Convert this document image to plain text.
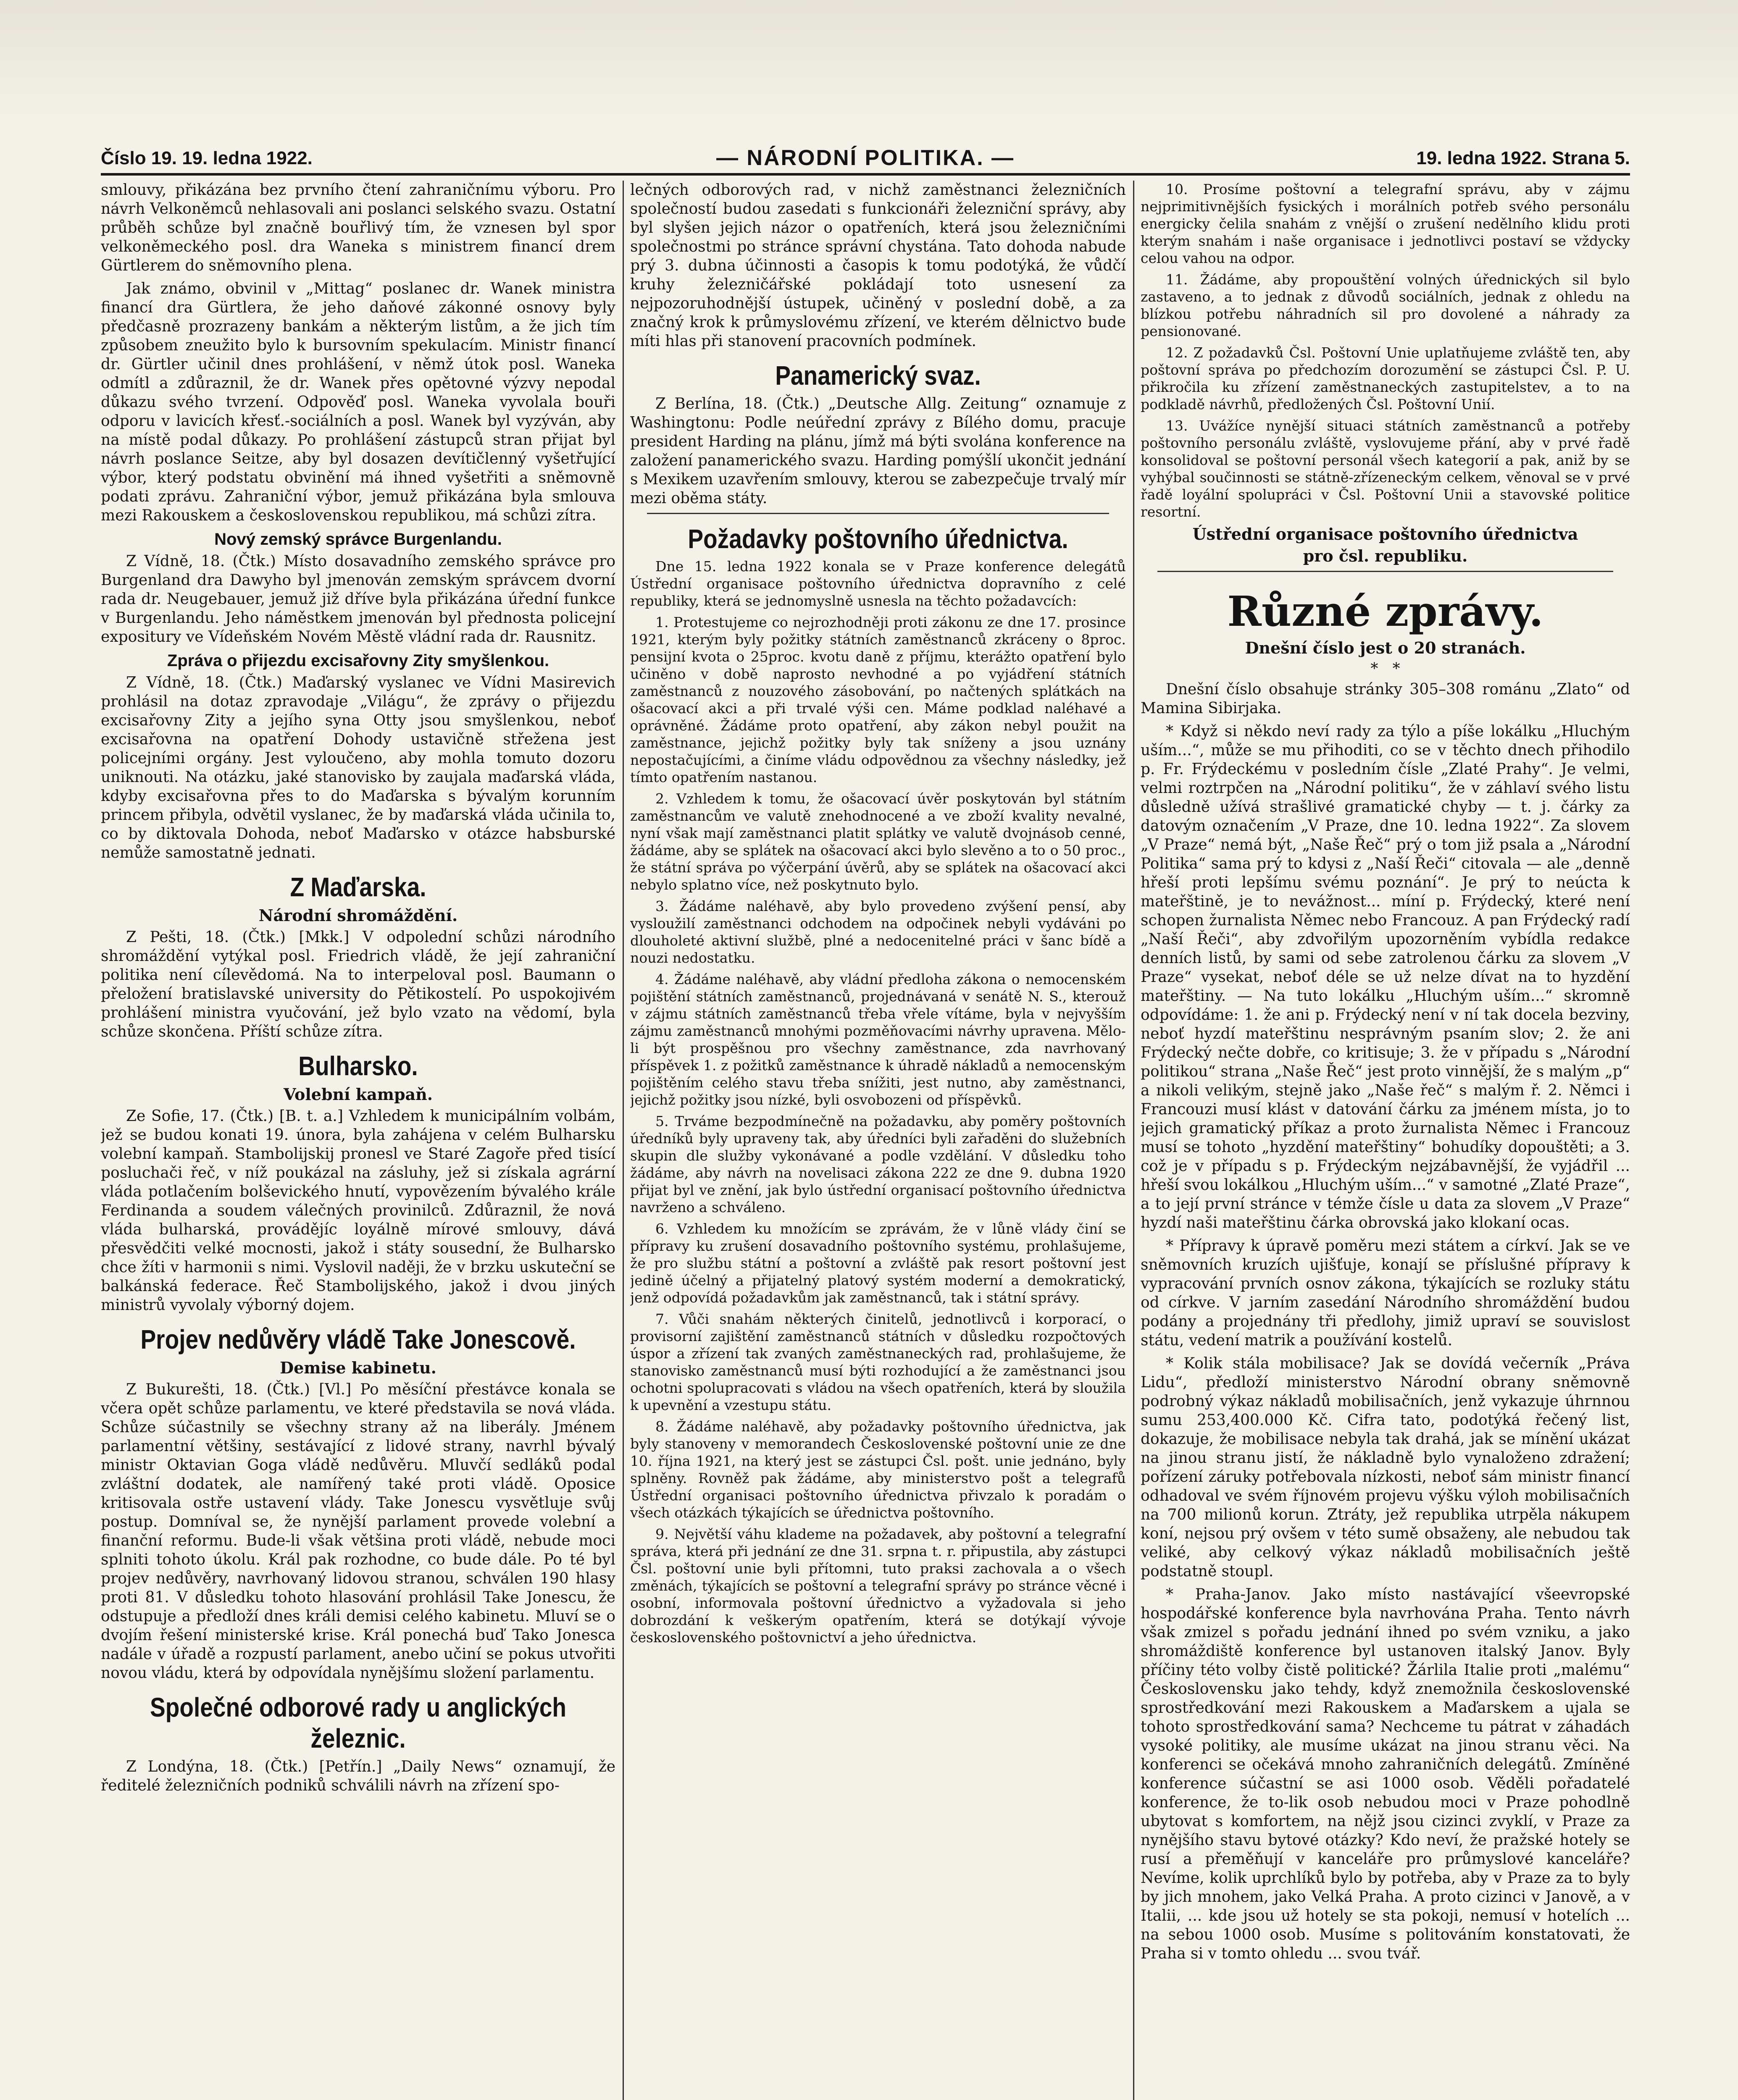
Číslo 19. 19. ledna 1922.	— NÁRODNÍ POLITIKA. —	19. ledna 1922. Strana 5.

smlouvy, přikázána bez prvního čtení zahraničnímu výboru. Pro návrh Velkoněmců nehlasovali ani poslanci selského svazu. Ostatní průběh schůze byl značně bouřlivý tím, že vznesen byl spor velkoněmeckého posl. dra Waneka s ministrem financí drem Gürtlerem do sněmovního plena.

Jak známo, obvinil v „Mittag“ poslanec dr. Wanek ministra financí dra Gürtlera, že jeho daňové zákonné osnovy byly předčasně prozrazeny bankám a některým listům, a že jich tím způsobem zneužito bylo k bursovním spekulacím. Ministr financí dr. Gürtler učinil dnes prohlášení, v němž útok posl. Waneka odmítl a zdůraznil, že dr. Wanek přes opětovné výzvy nepodal důkazu svého tvrzení. Odpověď posl. Waneka vyvolala bouři odporu v lavicích křesť.-sociálních a posl. Wanek byl vyzýván, aby na místě podal důkazy. Po prohlášení zástupců stran přijat byl návrh poslance Seitze, aby byl dosazen devítičlenný vyšetřující výbor, který podstatu obvinění má ihned vyšetřiti a sněmovně podati zprávu. Zahraniční výbor, jemuž přikázána byla smlouva mezi Rakouskem a československou republikou, má schůzi zítra.

Nový zemský správce Burgenlandu.

Z Vídně, 18. (Čtk.) Místo dosavadního zemského správce pro Burgenland dra Dawyho byl jmenován zemským správcem dvorní rada dr. Neugebauer, jemuž již dříve byla přikázána úřední funkce v Burgenlandu. Jeho náměstkem jmenován byl přednosta policejní expositury ve Vídeňském Novém Městě vládní rada dr. Rausnitz.

Zpráva o přijezdu excisařovny Zity smyšlenkou.

Z Vídně, 18. (Čtk.) Maďarský vyslanec ve Vídni Masirevich prohlásil na dotaz zpravodaje „Világu“, že zprávy o přijezdu excisařovny Zity a jejího syna Otty jsou smyšlenkou, neboť excisařovna na opatření Dohody ustavičně střežena jest policejními orgány. Jest vyloučeno, aby mohla tomuto dozoru uniknouti. Na otázku, jaké stanovisko by zaujala maďarská vláda, kdyby excisařovna přes to do Maďarska s bývalým korunním princem přibyla, odvětil vyslanec, že by maďarská vláda učinila to, co by diktovala Dohoda, neboť Maďarsko v otázce habsburské nemůže samostatně jednati.

Z Maďarska.
Národní shromáždění.

Z Pešti, 18. (Čtk.) [Mkk.] V odpolední schůzi národního shromáždění vytýkal posl. Friedrich vládě, že její zahraniční politika není cílevědomá. Na to interpeloval posl. Baumann o přeložení bratislavské university do Pětikostelí. Po uspokojivém prohlášení ministra vyučování, jež bylo vzato na vědomí, byla schůze skončena. Příští schůze zítra.

Bulharsko.
Volební kampaň.

Ze Sofie, 17. (Čtk.) [B. t. a.] Vzhledem k municipálním volbám, jež se budou konati 19. února, byla zahájena v celém Bulharsku volební kampaň. Stambolijskij pronesl ve Staré Zagoře před tisící posluchači řeč, v níž poukázal na zásluhy, jež si získala agrární vláda potlačením bolševického hnutí, vypovězením bývalého krále Ferdinanda a soudem válečných provinilců. Zdůraznil, že nová vláda bulharská, provádějíc loyálně mírové smlouvy, dává přesvědčiti velké mocnosti, jakož i státy sousední, že Bulharsko chce žíti v harmonii s nimi. Vyslovil naději, že v brzku uskuteční se balkánská federace. Řeč Stambolijského, jakož i dvou jiných ministrů vyvolaly výborný dojem.

Projev nedůvěry vládě Take Jonescově.
Demise kabinetu.

Z Bukurešti, 18. (Čtk.) [Vl.] Po měsíční přestávce konala se včera opět schůze parlamentu, ve které představila se nová vláda. Schůze súčastnily se všechny strany až na liberály. Jménem parlamentní většiny, sestávající z lidové strany, navrhl bývalý ministr Oktavian Goga vládě nedůvěru. Mluvčí sedláků podal zvláštní dodatek, ale namířený také proti vládě. Oposice kritisovala ostře ustavení vlády. Take Jonescu vysvětluje svůj postup. Domníval se, že nynější parlament provede volební a finanční reformu. Bude-li však většina proti vládě, nebude moci splniti tohoto úkolu. Král pak rozhodne, co bude dále. Po té byl projev nedůvěry, navrhovaný lidovou stranou, schválen 190 hlasy proti 81. V důsledku tohoto hlasování prohlásil Take Jonescu, že odstupuje a předloží dnes králi demisi celého kabinetu. Mluví se o dvojím řešení ministerské krise. Král ponechá buď Tako Jonesca nadále v úřadě a rozpustí parlament, anebo učiní se pokus utvořiti novou vládu, která by odpovídala nynějšímu složení parlamentu.

Společné odborové rady u anglických železnic.

Z Londýna, 18. (Čtk.) [Petřín.] „Daily News“ oznamují, že ředitelé železničních podniků schválili návrh na zřízení spo-

lečných odborových rad, v nichž zaměstnanci železničních společností budou zasedati s funkcionáři železniční správy, aby byl slyšen jejich názor o opatřeních, která jsou železničními společnostmi po stránce správní chystána. Tato dohoda nabude prý 3. dubna účinnosti a časopis k tomu podotýká, že vůdčí kruhy železničářské pokládají toto usnesení za nejpozoruhodnější ústupek, učiněný v poslední době, a za značný krok k průmyslovému zřízení, ve kterém dělnictvo bude míti hlas při stanovení pracovních podmínek.

Panamerický svaz.

Z Berlína, 18. (Čtk.) „Deutsche Allg. Zeitung“ oznamuje z Washingtonu: Podle neúřední zprávy z Bílého domu, pracuje president Harding na plánu, jímž má býti svolána konference na založení panamerického svazu. Harding pomýšlí ukončit jednání s Mexikem uzavřením smlouvy, kterou se zabezpečuje trvalý mír mezi oběma státy.

Požadavky poštovního úřednictva.

Dne 15. ledna 1922 konala se v Praze konference delegátů Ústřední organisace poštovního úřednictva dopravního z celé republiky, která se jednomyslně usnesla na těchto požadavcích:

1. Protestujeme co nejrozhodněji proti zákonu ze dne 17. prosince 1921, kterým byly požitky státních zaměstnanců zkráceny o 8proc. pensijní kvota o 25proc. kvotu daně z příjmu, kterážto opatření bylo učiněno v době naprosto nevhodné a po vyjádření státních zaměstnanců z nouzového zásobování, po načtených splátkách na ošacovací akci a při trvalé výši cen. Máme podklad naléhavé a oprávněné. Žádáme proto opatření, aby zákon nebyl použit na zaměstnance, jejichž požitky byly tak sníženy a jsou uznány nepostačujícími, a činíme vládu odpovědnou za všechny následky, jež tímto opatřením nastanou.

2. Vzhledem k tomu, že ošacovací úvěr poskytován byl státním zaměstnancům ve valutě znehodnocené a ve zboží kvality nevalné, nyní však mají zaměstnanci platit splátky ve valutě dvojnásob cenné, žádáme, aby se splátek na ošacovací akci bylo slevěno a to o 50 proc., že státní správa po výčerpání úvěrů, aby se splátek na ošacovací akci nebylo splatno více, než poskytnuto bylo.

3. Žádáme naléhavě, aby bylo provedeno zvýšení pensí, aby vysloužilí zaměstnanci odchodem na odpočinek nebyli vydáváni po dlouholeté aktivní službě, plné a nedocenitelné práci v šanc bídě a nouzi nedostatku.

4. Žádáme naléhavě, aby vládní předloha zákona o nemocenském pojištění státních zaměstnanců, projednávaná v senátě N. S., kterouž v zájmu státních zaměstnanců třeba vřele vítáme, byla v nejvyšším zájmu zaměstnanců mnohými pozměňovacími návrhy upravena. Mělo-li být prospěšnou pro všechny zaměstnance, zda navrhovaný příspěvek 1. z požitků zaměstnance k úhradě nákladů a nemocenským pojištěním celého stavu třeba snížiti, jest nutno, aby zaměstnanci, jejichž požitky jsou nízké, byli osvobozeni od příspěvků.

5. Trváme bezpodmínečně na požadavku, aby poměry poštovních úředníků byly upraveny tak, aby úředníci byli zařaděni do služebních skupin dle služby vykonávané a podle vzdělání. V důsledku toho žádáme, aby návrh na novelisaci zákona 222 ze dne 9. dubna 1920 přijat byl ve znění, jak bylo ústřední organisací poštovního úřednictva navrženo a schváleno.

6. Vzhledem ku množícím se zprávám, že v lůně vlády činí se přípravy ku zrušení dosavadního poštovního systému, prohlašujeme, že pro službu státní a poštovní a zvláště pak resort poštovní jest jedině účelný a přijatelný platový systém moderní a demokratický, jenž odpovídá požadavkům jak zaměstnanců, tak i státní správy.

7. Vůči snahám některých činitelů, jednotlivců i korporací, o provisorní zajištění zaměstnanců státních v důsledku rozpočtových úspor a zřízení tak zvaných zaměstnaneckých rad, prohlašujeme, že stanovisko zaměstnanců musí býti rozhodující a že zaměstnanci jsou ochotni spolupracovati s vládou na všech opatřeních, která by sloužila k upevnění a vzestupu státu.

8. Žádáme naléhavě, aby požadavky poštovního úřednictva, jak byly stanoveny v memorandech Československé poštovní unie ze dne 10. října 1921, na který jest se zástupci Čsl. pošt. unie jednáno, byly splněny. Rovněž pak žádáme, aby ministerstvo pošt a telegrafů Ústřední organisaci poštovního úřednictva přivzalo k poradám o všech otázkách týkajících se úřednictva poštovního.

9. Největší váhu klademe na požadavek, aby poštovní a telegrafní správa, která při jednání ze dne 31. srpna t. r. připustila, aby zástupci Čsl. poštovní unie byli přítomni, tuto praksi zachovala a o všech změnách, týkajících se poštovní a telegrafní správy po stránce věcné i osobní, informovala poštovní úřednictvo a vyžadovala si jeho dobrozdání k veškerým opatřením, která se dotýkají vývoje československého poštovnictví a jeho úřednictva.

10. Prosíme poštovní a telegrafní správu, aby v zájmu nejprimitivnějších fysických i morálních potřeb svého personálu energicky čelila snahám z vnější o zrušení nedělního klidu proti kterým snahám i naše organisace i jednotlivci postaví se vždycky celou vahou na odpor.

11. Žádáme, aby propouštění volných úřednických sil bylo zastaveno, a to jednak z důvodů sociálních, jednak z ohledu na blízkou potřebu náhradních sil pro dovolené a náhrady za pensionované.

12. Z požadavků Čsl. Poštovní Unie uplatňujeme zvláště ten, aby poštovní správa po předchozím dorozumění se zástupci Čsl. P. U. přikročila ku zřízení zaměstnaneckých zastupitelstev, a to na podkladě návrhů, předložených Čsl. Poštovní Unií.

13. Uvážíce nynější situaci státních zaměstnanců a potřeby poštovního personálu zvláště, vyslovujeme přání, aby v prvé řadě konsolidoval se poštovní personál všech kategorií a pak, aniž by se vyhýbal součinnosti se státně-zřízeneckým celkem, věnoval se v prvé řadě loyální spolupráci v Čsl. Poštovní Unii a stavovské politice resortní.

Ústřední organisace poštovního úřednictva
pro čsl. republiku.
Různé zprávy.
Dnešní číslo jest o 20 stranách.
*   *

Dnešní číslo obsahuje stránky 305–308 románu „Zlato“ od Mamina Sibirjaka.

* Když si někdo neví rady za týlo a píše lokálku „Hluchým uším...“, může se mu přihoditi, co se v těchto dnech přihodilo p. Fr. Frýdeckému v posledním čísle „Zlaté Prahy“. Je velmi, velmi roztrpčen na „Národní politiku“, že v záhlaví svého listu důsledně užívá strašlivé gramatické chyby — t. j. čárky za datovým označením „V Praze, dne 10. ledna 1922“. Za slovem „V Praze“ nemá být, „Naše Řeč“ prý o tom již psala a „Národní Politika“ sama prý to kdysi z „Naší Řeči“ citovala — ale „denně hřeší proti lepšímu svému poznání“. Je prý to neúcta k mateřštině, je to nevážnost... míní p. Frýdecký, které není schopen žurnalista Němec nebo Francouz. A pan Frýdecký radí „Naší Řeči“, aby zdvořilým upozorněním vybídla redakce denních listů, by sami od sebe zatrolenou čárku za slovem „V Praze“ vysekat, neboť déle se už nelze dívat na to hyzdění mateřštiny. — Na tuto lokálku „Hluchým uším...“ skromně odpovídáme: 1. že ani p. Frýdecký není v ní tak docela bezviny, neboť hyzdí mateřštinu nesprávným psaním slov; 2. že ani Frýdecký nečte dobře, co kritisuje; 3. že v případu s „Národní politikou“ strana „Naše Řeč“ jest proto vinnější, že s malým „p“ a nikoli velikým, stejně jako „Naše řeč“ s malým ř. 2. Němci i Francouzi musí klást v datování čárku za jménem místa, jo to jejich gramatický příkaz a proto žurnalista Němec i Francouz musí se tohoto „hyzdění mateřštiny“ bohudíky dopouštěti; a 3. což je v případu s p. Frýdeckým nejzábavnější, že vyjádřil ... hřeší svou lokálkou „Hluchým uším...“ v samotné „Zlaté Praze“, a to její první stránce v témže čísle u data za slovem „V Praze“ hyzdí naši mateřštinu čárka obrovská jako klokaní ocas.

* Přípravy k úpravě poměru mezi státem a církví. Jak se ve sněmovních kruzích ujišťuje, konají se příslušné přípravy k vypracování prvních osnov zákona, týkajících se rozluky státu od církve. V jarním zasedání Národního shromáždění budou podány a projednány tři předlohy, jimiž upraví se souvislost státu, vedení matrik a používání kostelů.

* Kolik stála mobilisace? Jak se dovídá večerník „Práva Lidu“, předloží ministerstvo Národní obrany sněmovně podrobný výkaz nákladů mobilisačních, jenž vykazuje úhrnnou sumu 253,400.000 Kč. Cifra tato, podotýká řečený list, dokazuje, že mobilisace nebyla tak drahá, jak se mínění ukázat na jinou stranu jistí, že nákladně bylo vynaloženo zdražení; pořízení záruky potřebovala nízkosti, neboť sám ministr financí odhadoval ve svém říjnovém projevu výšku výloh mobilisačních na 700 milionů korun. Ztráty, jež republika utrpěla nákupem koní, nejsou prý ovšem v této sumě obsaženy, ale nebudou tak veliké, aby celkový výkaz nákladů mobilisačních ještě podstatně stoupl.

* Praha-Janov. Jako místo nastávající všeevropské hospodářské konference byla navrhována Praha. Tento návrh však zmizel s pořadu jednání ihned po svém vzniku, a jako shromáždiště konference byl ustanoven italský Janov. Byly příčiny této volby čistě politické? Žárlila Italie proti „malému“ Československu jako tehdy, když znemožnila československé sprostředkování mezi Rakouskem a Maďarskem a ujala se tohoto sprostředkování sama? Nechceme tu pátrat v záhadách vysoké politiky, ale musíme ukázat na jinou stranu věci. Na konferenci se očekává mnoho zahraničních delegátů. Zmíněné konference súčastní se asi 1000 osob. Věděli pořadatelé konference, že to-lik osob nebudou moci v Praze pohodlně ubytovat s komfortem, na nějž jsou cizinci zvyklí, v Praze za nynějšího stavu bytové otázky? Kdo neví, že pražské hotely se rusí a přeměňují v kanceláře pro průmyslové kanceláře? Nevíme, kolik uprchlíků bylo by potřeba, aby v Praze za to byly by jich mnohem, jako Velká Praha. A proto cizinci v Janově, a v Italii, ... kde jsou už hotely se sta pokoji, nemusí v hotelích ... na sebou 1000 osob. Musíme s politováním konstatovati, že Praha si v tomto ohledu ... svou tvář.
